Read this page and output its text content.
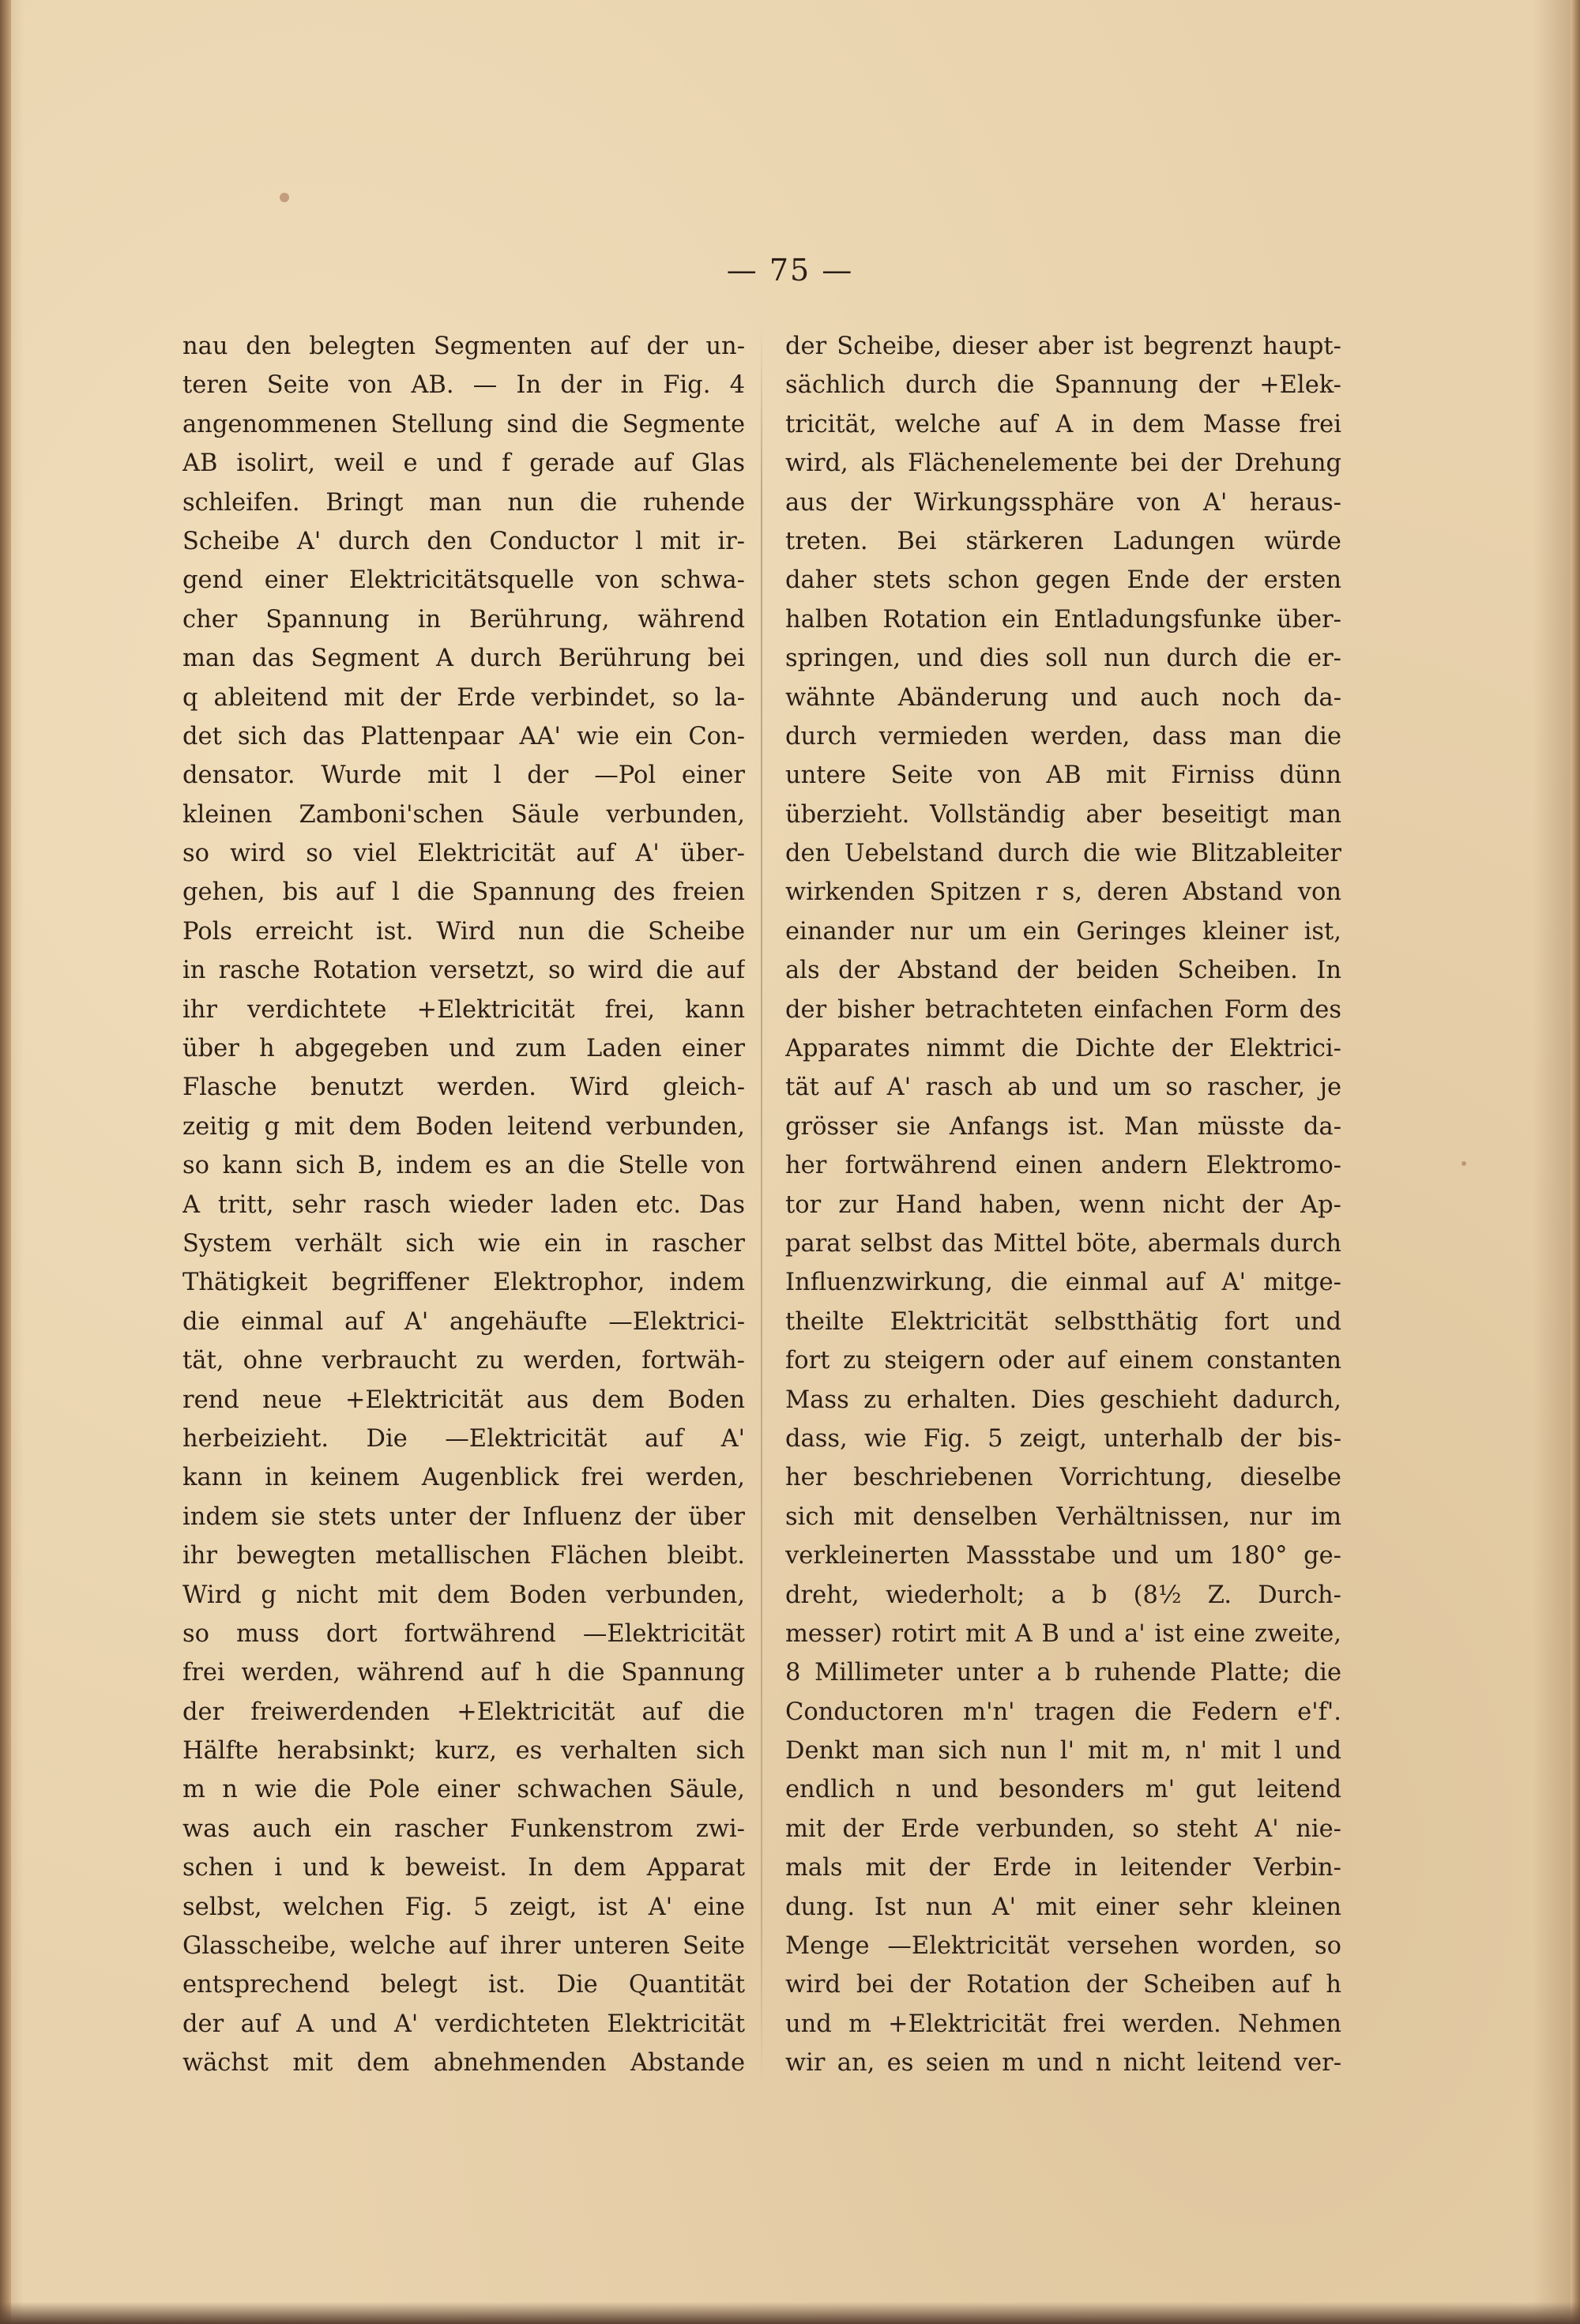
— 75 —
nau den belegten Segmenten auf der un-
teren Seite von AB. — In der in Fig. 4
angenommenen Stellung sind die Segmente
AB isolirt, weil e und f gerade auf Glas
schleifen. Bringt man nun die ruhende
Scheibe A' durch den Conductor l mit ir-
gend einer Elektricitätsquelle von schwa-
cher Spannung in Berührung, während
man das Segment A durch Berührung bei
q ableitend mit der Erde verbindet, so la-
det sich das Plattenpaar AA' wie ein Con-
densator. Wurde mit l der —Pol einer
kleinen Zamboni'schen Säule verbunden,
so wird so viel Elektricität auf A' über-
gehen, bis auf l die Spannung des freien
Pols erreicht ist. Wird nun die Scheibe
in rasche Rotation versetzt, so wird die auf
ihr verdichtete +Elektricität frei, kann
über h abgegeben und zum Laden einer
Flasche benutzt werden. Wird gleich-
zeitig g mit dem Boden leitend verbunden,
so kann sich B, indem es an die Stelle von
A tritt, sehr rasch wieder laden etc. Das
System verhält sich wie ein in rascher
Thätigkeit begriffener Elektrophor, indem
die einmal auf A' angehäufte —Elektrici-
tät, ohne verbraucht zu werden, fortwäh-
rend neue +Elektricität aus dem Boden
herbeizieht. Die —Elektricität auf A'
kann in keinem Augenblick frei werden,
indem sie stets unter der Influenz der über
ihr bewegten metallischen Flächen bleibt.
Wird g nicht mit dem Boden verbunden,
so muss dort fortwährend —Elektricität
frei werden, während auf h die Spannung
der freiwerdenden +Elektricität auf die
Hälfte herabsinkt; kurz, es verhalten sich
m n wie die Pole einer schwachen Säule,
was auch ein rascher Funkenstrom zwi-
schen i und k beweist. In dem Apparat
selbst, welchen Fig. 5 zeigt, ist A' eine
Glasscheibe, welche auf ihrer unteren Seite
entsprechend belegt ist. Die Quantität
der auf A und A' verdichteten Elektricität
wächst mit dem abnehmenden Abstande
der Scheibe, dieser aber ist begrenzt haupt-
sächlich durch die Spannung der +Elek-
tricität, welche auf A in dem Masse frei
wird, als Flächenelemente bei der Drehung
aus der Wirkungssphäre von A' heraus-
treten. Bei stärkeren Ladungen würde
daher stets schon gegen Ende der ersten
halben Rotation ein Entladungsfunke über-
springen, und dies soll nun durch die er-
wähnte Abänderung und auch noch da-
durch vermieden werden, dass man die
untere Seite von AB mit Firniss dünn
überzieht. Vollständig aber beseitigt man
den Uebelstand durch die wie Blitzableiter
wirkenden Spitzen r s, deren Abstand von
einander nur um ein Geringes kleiner ist,
als der Abstand der beiden Scheiben. In
der bisher betrachteten einfachen Form des
Apparates nimmt die Dichte der Elektrici-
tät auf A' rasch ab und um so rascher, je
grösser sie Anfangs ist. Man müsste da-
her fortwährend einen andern Elektromo-
tor zur Hand haben, wenn nicht der Ap-
parat selbst das Mittel böte, abermals durch
Influenzwirkung, die einmal auf A' mitge-
theilte Elektricität selbstthätig fort und
fort zu steigern oder auf einem constanten
Mass zu erhalten. Dies geschieht dadurch,
dass, wie Fig. 5 zeigt, unterhalb der bis-
her beschriebenen Vorrichtung, dieselbe
sich mit denselben Verhältnissen, nur im
verkleinerten Massstabe und um 180° ge-
dreht, wiederholt; a b (8½ Z. Durch-
messer) rotirt mit A B und a' ist eine zweite,
8 Millimeter unter a b ruhende Platte; die
Conductoren m'n' tragen die Federn e'f'.
Denkt man sich nun l' mit m, n' mit l und
endlich n und besonders m' gut leitend
mit der Erde verbunden, so steht A' nie-
mals mit der Erde in leitender Verbin-
dung. Ist nun A' mit einer sehr kleinen
Menge —Elektricität versehen worden, so
wird bei der Rotation der Scheiben auf h
und m +Elektricität frei werden. Nehmen
wir an, es seien m und n nicht leitend ver-
